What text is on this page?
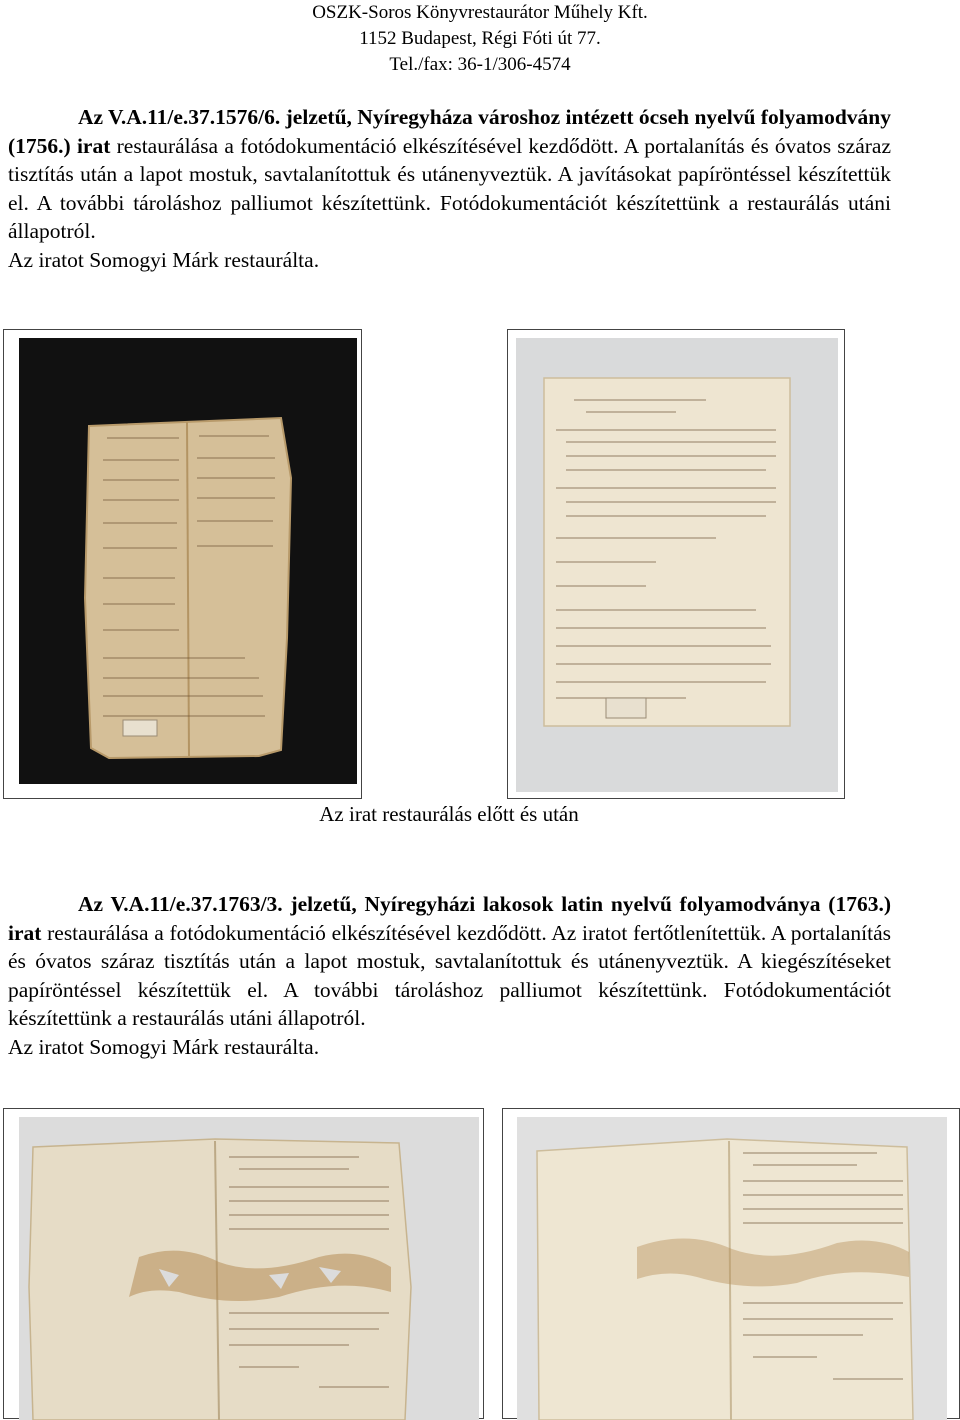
OSZK-Soros Könyvrestaurátor Műhely Kft.
1152 Budapest, Régi Fóti út 77.
Tel./fax: 36-1/306-4574

Az V.A.11/e.37.1576/6. jelzetű, Nyíregyháza városhoz intézett ócseh nyelvű folyamodvány (1756.) irat restaurálása a fotódokumentáció elkészítésével kezdődött. A portalanítás és óvatos száraz tisztítás után a lapot mostuk, savtalanítottuk és utánenyveztük. A javításokat papíröntéssel készítettük el. A további tároláshoz palliumot készítettünk. Fotódokumentációt készítettünk a restaurálás utáni állapotról.

Az iratot Somogyi Márk restaurálta.

Az irat restaurálás előtt és után

Az V.A.11/e.37.1763/3. jelzetű, Nyíregyházi lakosok latin nyelvű folyamodványa (1763.) irat restaurálása a fotódokumentáció elkészítésével kezdődött. Az iratot fertőtlenítettük. A portalanítás és óvatos száraz tisztítás után a lapot mostuk, savtalanítottuk és utánenyveztük. A kiegészítéseket papíröntéssel készítettük el. A további tároláshoz palliumot készítettünk. Fotódokumentációt készítettünk a restaurálás utáni állapotról.

Az iratot Somogyi Márk restaurálta.
